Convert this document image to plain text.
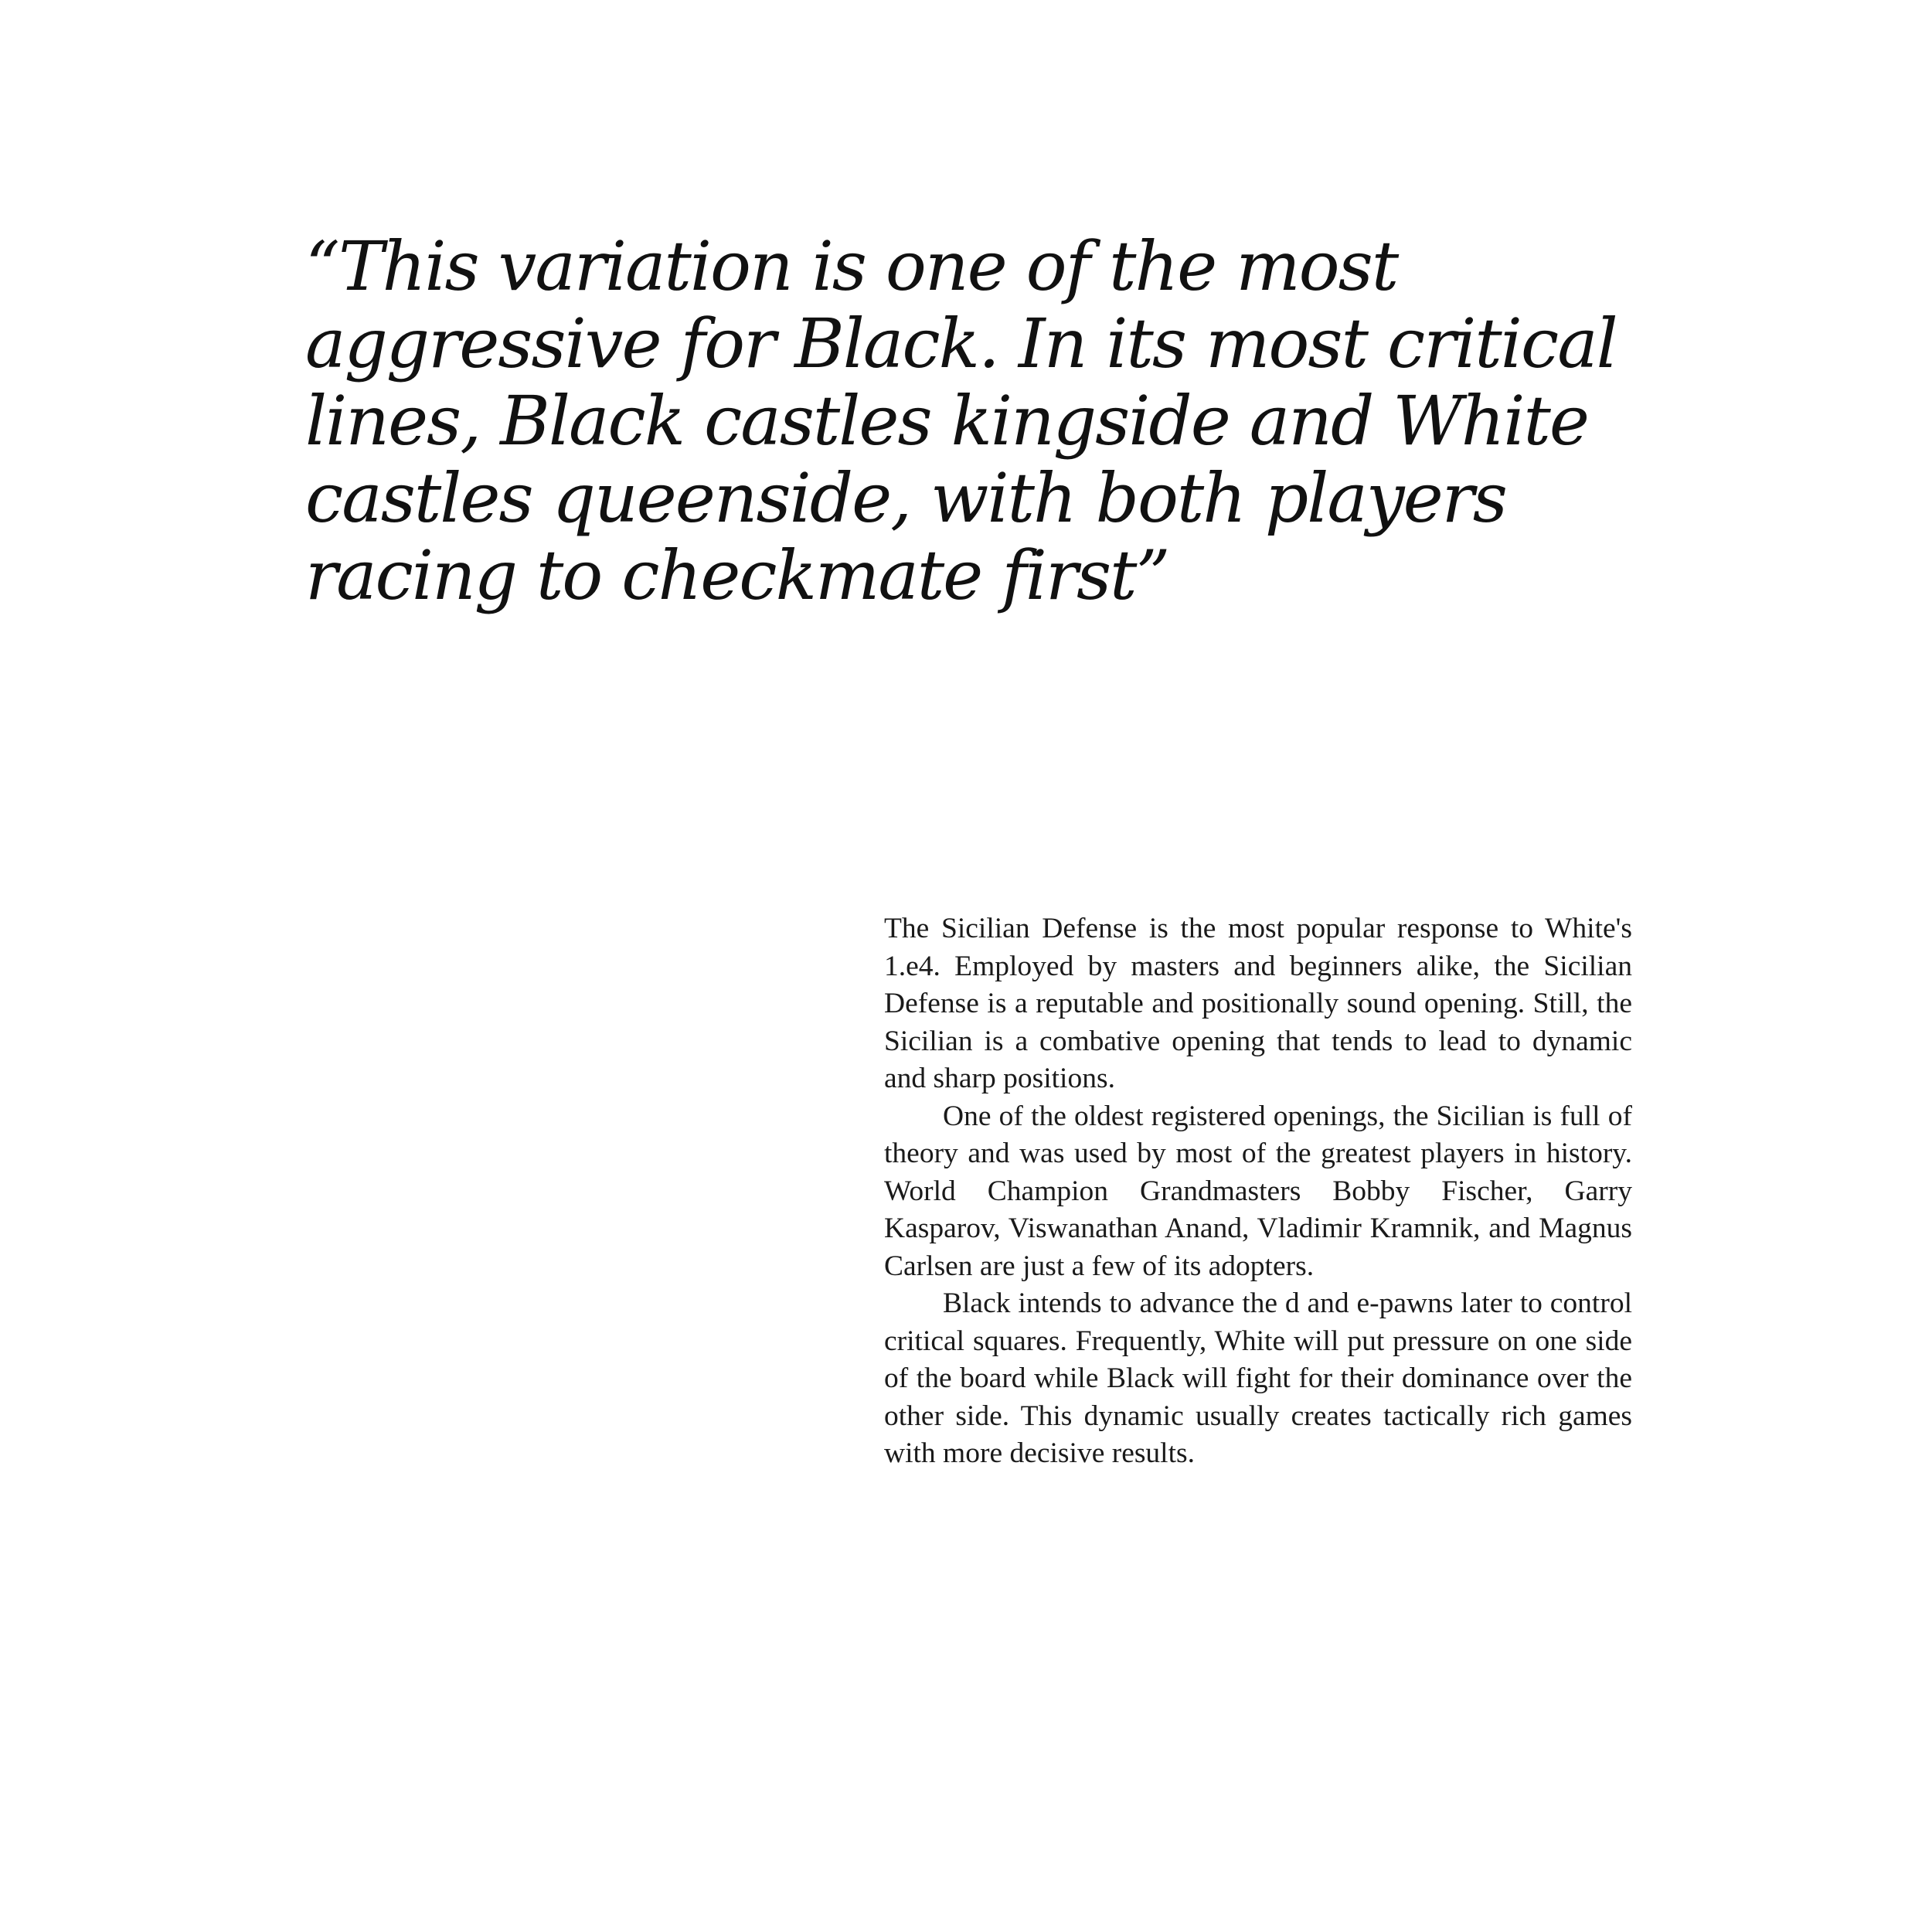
“This variation is one of the most
aggressive for Black. In its most critical
lines, Black castles kingside and White
castles queenside, with both players
racing to checkmate first”

The Sicilian Defense is the most popular response to White's 1.e4. Employed by masters and beginners alike, the Sicilian Defense is a reputable and positionally sound opening. Still, the Sicilian is a combative opening that tends to lead to dynamic and sharp positions.

One of the oldest registered openings, the Sicilian is full of theory and was used by most of the greatest players in history. World Champion Grandmasters Bobby Fischer, Garry Kasparov, Viswanathan Anand, Vladimir Kramnik, and Magnus Carlsen are just a few of its adopters.

Black intends to advance the d and e-pawns later to control critical squares. Frequently, White will put pressure on one side of the board while Black will fight for their dominance over the other side. This dynamic usually creates tactically rich games with more decisive results.
